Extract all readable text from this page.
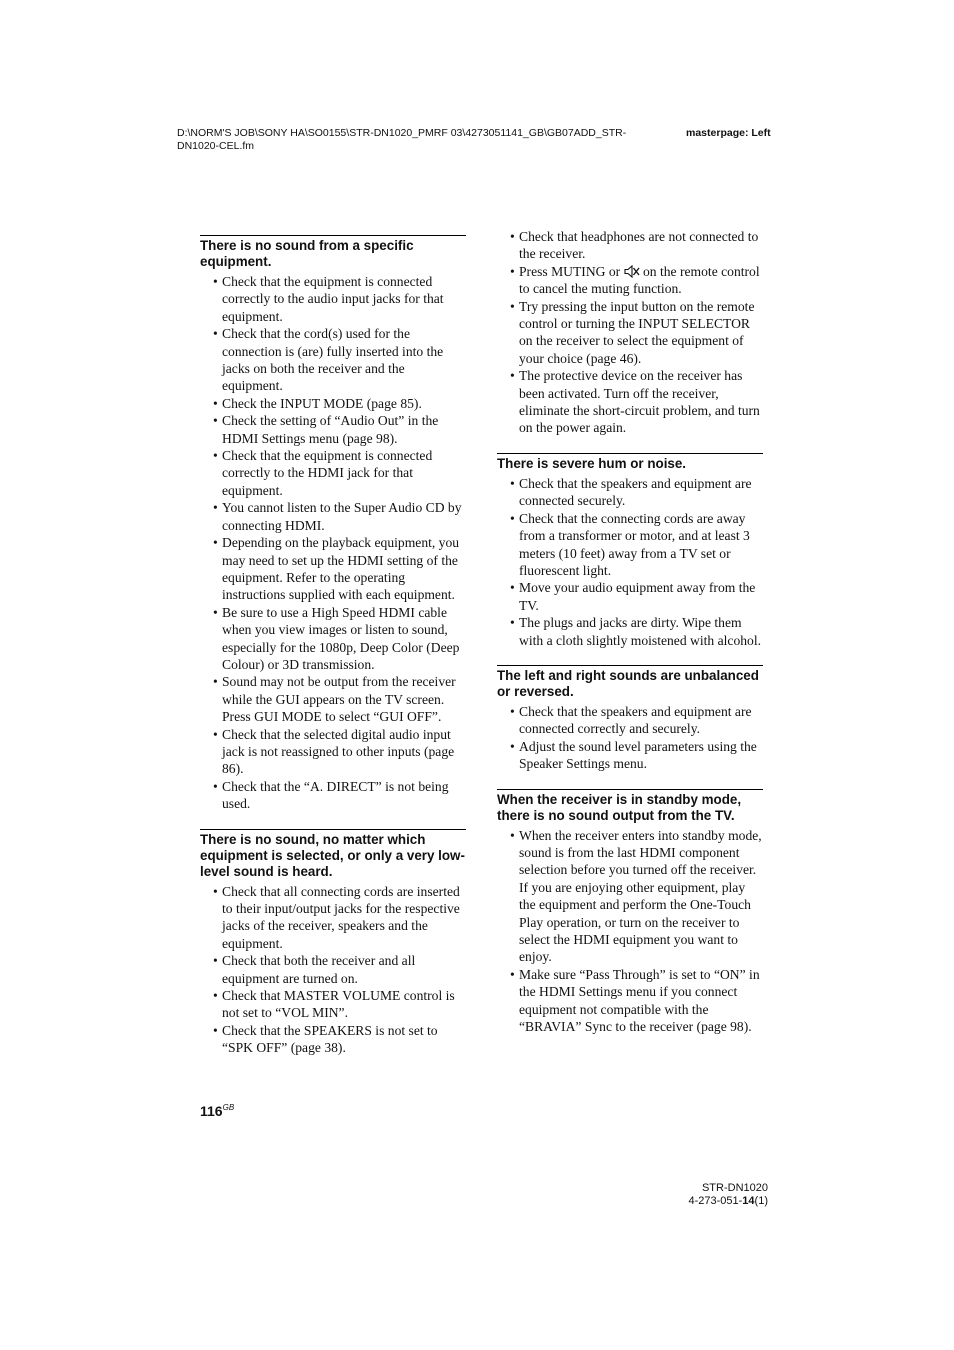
D:\NORM'S JOB\SONY HA\SO0155\STR-DN1020_PMRF 03\4273051141_GB\GB07ADD_STR-
DN1020-CEL.fm
masterpage: Left
There is no sound from a specific equipment.
• Check that the equipment is connected correctly to the audio input jacks for that equipment.
• Check that the cord(s) used for the connection is (are) fully inserted into the jacks on both the receiver and the equipment.
• Check the INPUT MODE (page 85).
• Check the setting of “Audio Out” in the HDMI Settings menu (page 98).
• Check that the equipment is connected correctly to the HDMI jack for that equipment.
• You cannot listen to the Super Audio CD by connecting HDMI.
• Depending on the playback equipment, you may need to set up the HDMI setting of the equipment. Refer to the operating instructions supplied with each equipment.
• Be sure to use a High Speed HDMI cable when you view images or listen to sound, especially for the 1080p, Deep Color (Deep Colour) or 3D transmission.
• Sound may not be output from the receiver while the GUI appears on the TV screen. Press GUI MODE to select “GUI OFF”.
• Check that the selected digital audio input jack is not reassigned to other inputs (page 86).
• Check that the “A. DIRECT” is not being used.
There is no sound, no matter which equipment is selected, or only a very low-level sound is heard.
• Check that all connecting cords are inserted to their input/output jacks for the respective jacks of the receiver, speakers and the equipment.
• Check that both the receiver and all equipment are turned on.
• Check that MASTER VOLUME control is not set to “VOL MIN”.
• Check that the SPEAKERS is not set to “SPK OFF” (page 38).
• Check that headphones are not connected to the receiver.
• Press MUTING or  on the remote control to cancel the muting function.
• Try pressing the input button on the remote control or turning the INPUT SELECTOR on the receiver to select the equipment of your choice (page 46).
• The protective device on the receiver has been activated. Turn off the receiver, eliminate the short-circuit problem, and turn on the power again.
There is severe hum or noise.
• Check that the speakers and equipment are connected securely.
• Check that the connecting cords are away from a transformer or motor, and at least 3 meters (10 feet) away from a TV set or fluorescent light.
• Move your audio equipment away from the TV.
• The plugs and jacks are dirty. Wipe them with a cloth slightly moistened with alcohol.
The left and right sounds are unbalanced or reversed.
• Check that the speakers and equipment are connected correctly and securely.
• Adjust the sound level parameters using the Speaker Settings menu.
When the receiver is in standby mode, there is no sound output from the TV.
• When the receiver enters into standby mode, sound is from the last HDMI component selection before you turned off the receiver. If you are enjoying other equipment, play the equipment and perform the One-Touch Play operation, or turn on the receiver to select the HDMI equipment you want to enjoy.
• Make sure “Pass Through” is set to “ON” in the HDMI Settings menu if you connect equipment not compatible with the “BRAVIA” Sync to the receiver (page 98).
$116^{GB}$
STR-DN1020
4-273-051-14(1)
